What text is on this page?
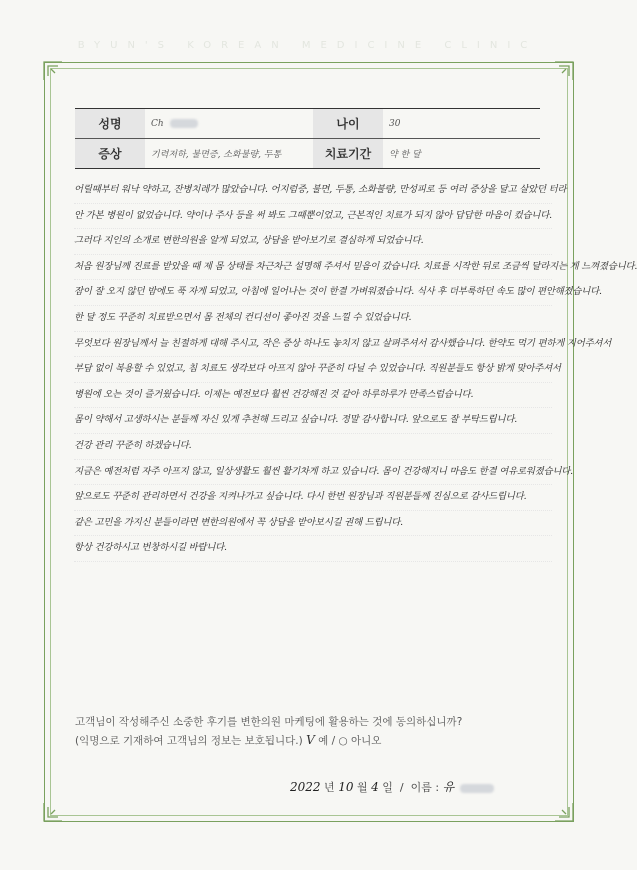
BYUN'S KOREAN MEDICINE CLINIC
성명	Ch	나이	30
증상	기력저하, 불면증, 소화불량, 두통	치료기간	약 한 달

어릴때부터 워낙 약하고, 잔병치레가 많았습니다. 어지럼증, 불면, 두통, 소화불량, 만성피로 등 여러 증상을 달고 살았던 터라

안 가본 병원이 없었습니다. 약이나 주사 등을 써 봐도 그때뿐이었고, 근본적인 치료가 되지 않아 답답한 마음이 컸습니다.

그러다 지인의 소개로 변한의원을 알게 되었고, 상담을 받아보기로 결심하게 되었습니다.

처음 원장님께 진료를 받았을 때 제 몸 상태를 차근차근 설명해 주셔서 믿음이 갔습니다. 치료를 시작한 뒤로 조금씩 달라지는 게 느껴졌습니다.

잠이 잘 오지 않던 밤에도 푹 자게 되었고, 아침에 일어나는 것이 한결 가벼워졌습니다. 식사 후 더부룩하던 속도 많이 편안해졌습니다.

한 달 정도 꾸준히 치료받으면서 몸 전체의 컨디션이 좋아진 것을 느낄 수 있었습니다.

무엇보다 원장님께서 늘 친절하게 대해 주시고, 작은 증상 하나도 놓치지 않고 살펴주셔서 감사했습니다. 한약도 먹기 편하게 지어주셔서

부담 없이 복용할 수 있었고, 침 치료도 생각보다 아프지 않아 꾸준히 다닐 수 있었습니다. 직원분들도 항상 밝게 맞아주셔서

병원에 오는 것이 즐거웠습니다. 이제는 예전보다 훨씬 건강해진 것 같아 하루하루가 만족스럽습니다.

몸이 약해서 고생하시는 분들께 자신 있게 추천해 드리고 싶습니다. 정말 감사합니다. 앞으로도 잘 부탁드립니다.

건강 관리 꾸준히 하겠습니다.

지금은 예전처럼 자주 아프지 않고, 일상생활도 훨씬 활기차게 하고 있습니다. 몸이 건강해지니 마음도 한결 여유로워졌습니다.

앞으로도 꾸준히 관리하면서 건강을 지켜나가고 싶습니다. 다시 한번 원장님과 직원분들께 진심으로 감사드립니다.

같은 고민을 가지신 분들이라면 변한의원에서 꼭 상담을 받아보시길 권해 드립니다.

항상 건강하시고 번창하시길 바랍니다.

고객님이 작성해주신 소중한 후기를 변한의원 마케팅에 활용하는 것에 동의하십니까?
(익명으로 기재하여 고객님의 정보는 보호됩니다.) V 예 / ○ 아니오
2022 년 10 월 4 일 / 이름 : 유
